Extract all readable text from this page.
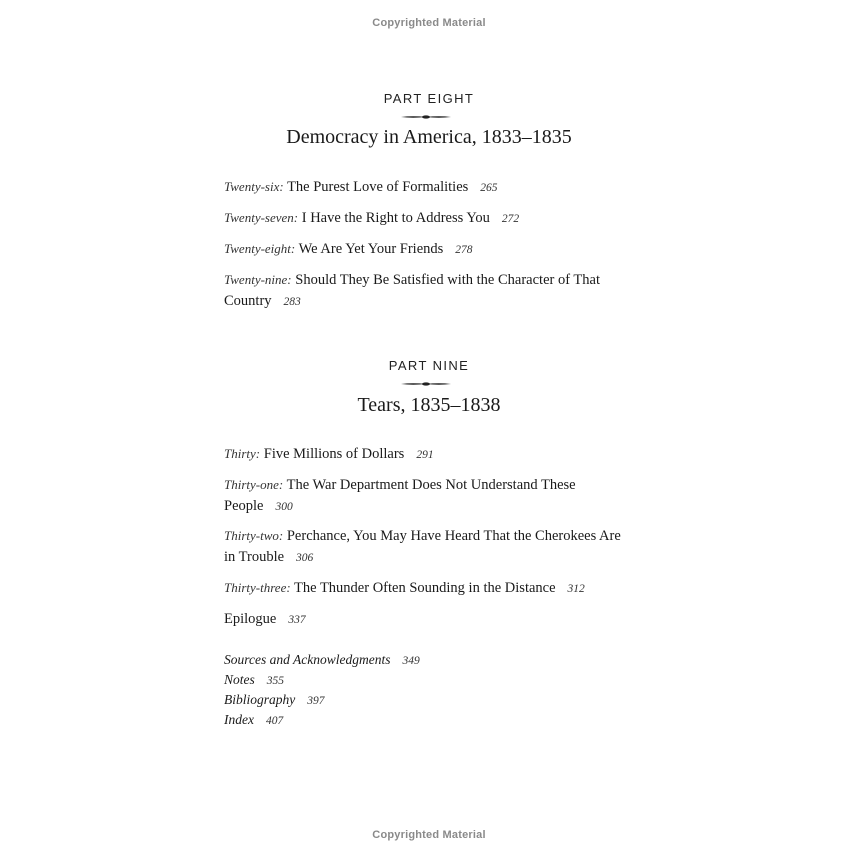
Copyrighted Material
PART EIGHT
Democracy in America, 1833–1835
Twenty-six: The Purest Love of Formalities 265
Twenty-seven: I Have the Right to Address You 272
Twenty-eight: We Are Yet Your Friends 278
Twenty-nine: Should They Be Satisfied with the Character of That Country 283
PART NINE
Tears, 1835–1838
Thirty: Five Millions of Dollars 291
Thirty-one: The War Department Does Not Understand These People 300
Thirty-two: Perchance, You May Have Heard That the Cherokees Are in Trouble 306
Thirty-three: The Thunder Often Sounding in the Distance 312
Epilogue 337
Sources and Acknowledgments 349
Notes 355
Bibliography 397
Index 407
Copyrighted Material
